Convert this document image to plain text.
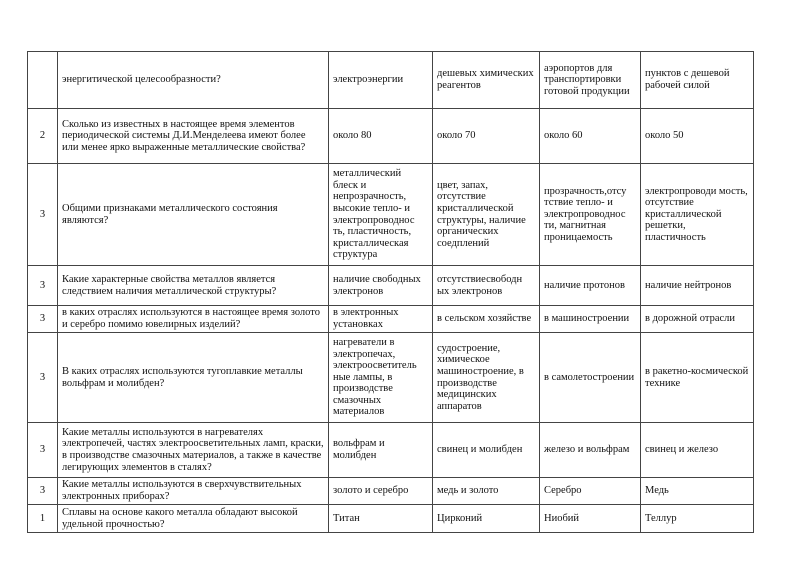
	энергитической целесообразности?	электроэнергии	дешевых химических реагентов	аэропортов для транспортировки готовой продукции	пунктов с дешевой рабочей силой
2	Сколько из известных в настоящее время элементов периодической системы Д.И.Менделеева имеют более или менее ярко выраженные металлические свойства?	около 80	около 70	около 60	около 50
3	Общими признаками металлического состояния являются?	металлический блеск и непрозрачность, высокие тепло- и электропроводнос ть, пластичность, кристаллическая структура	цвет, запах, отсутствие кристаллической структуры, наличие органических соедплений	прозрачность,отсу тствие тепло- и электропроводнос ти, магнитная проницаемость	электропроводи мость, отсутствие кристаллической решетки, пластичность
3	Какие характерные свойства металлов является следствием наличия металлической структуры?	наличие свободных электронов	отсутствиесвободн ых электронов	наличие протонов	наличие нейтронов
3	в каких отраслях используются в настоящее время золото и серебро помимо ювелирных изделий?	в электронных установках	в сельском хозяйстве	в машиностроении	в дорожной отрасли
3	В каких отраслях используются тугоплавкие металлы вольфрам и молибден?	нагреватели в электропечах, электроосветитель ные лампы, в производстве смазочных материалов	судостроение, химическое машиностроение, в производстве медицинских аппаратов	в самолетостроении	в ракетно-космической технике
3	Какие металлы используются в нагревателях электропечей, частях электроосветительных ламп, краски, в производстве смазочных материалов, а также в качестве легирующих элементов в сталях?	вольфрам и молибден	свинец и молибден	железо и вольфрам	свинец и железо
3	Какие металлы используются в сверхчувствительных электронных приборах?	золото и серебро	медь и золото	Серебро	Медь
1	Сплавы на основе какого металла обладают высокой удельной прочностью?	Титан	Цирконий	Ниобий	Теллур
